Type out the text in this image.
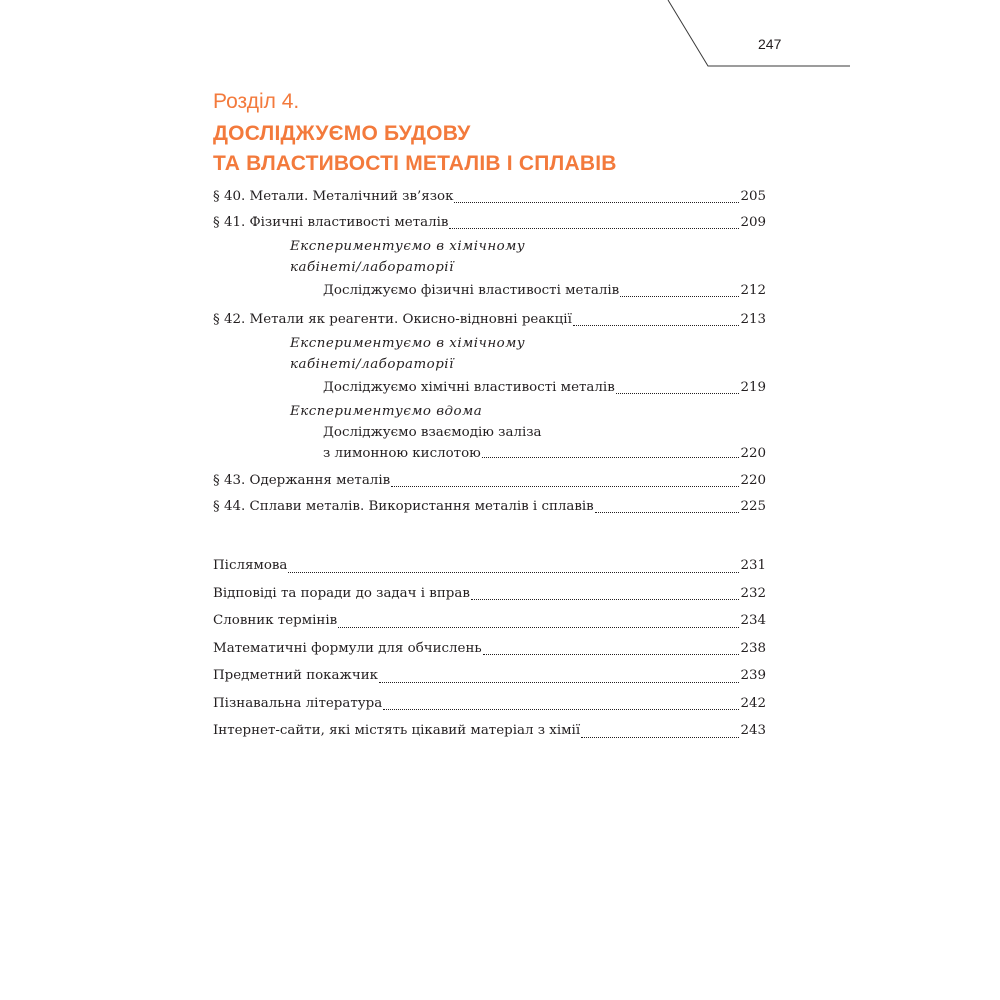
247
Розділ 4.
ДОСЛІДЖУЄМО БУДОВУ
ТА ВЛАСТИВОСТІ МЕТАЛІВ І СПЛАВІВ
§ 40. Метали. Металічний зв’язок	205
§ 41. Фізичні властивості металів	209
Експериментуємо в хімічному
кабінеті/лабораторії
Досліджуємо фізичні властивості металів	212
§ 42. Метали як реагенти. Окисно-відновні реакції	213
Експериментуємо в хімічному
кабінеті/лабораторії
Досліджуємо хімічні властивості металів	219
Експериментуємо вдома
Досліджуємо взаємодію заліза
з лимонною кислотою	220
§ 43. Одержання металів	220
§ 44. Сплави металів. Використання металів і сплавів	225
Післямова	231
Відповіді та поради до задач і вправ	232
Словник термінів	234
Математичні формули для обчислень	238
Предметний покажчик	239
Пізнавальна література	242
Інтернет-сайти, які містять цікавий матеріал з хімії	243
